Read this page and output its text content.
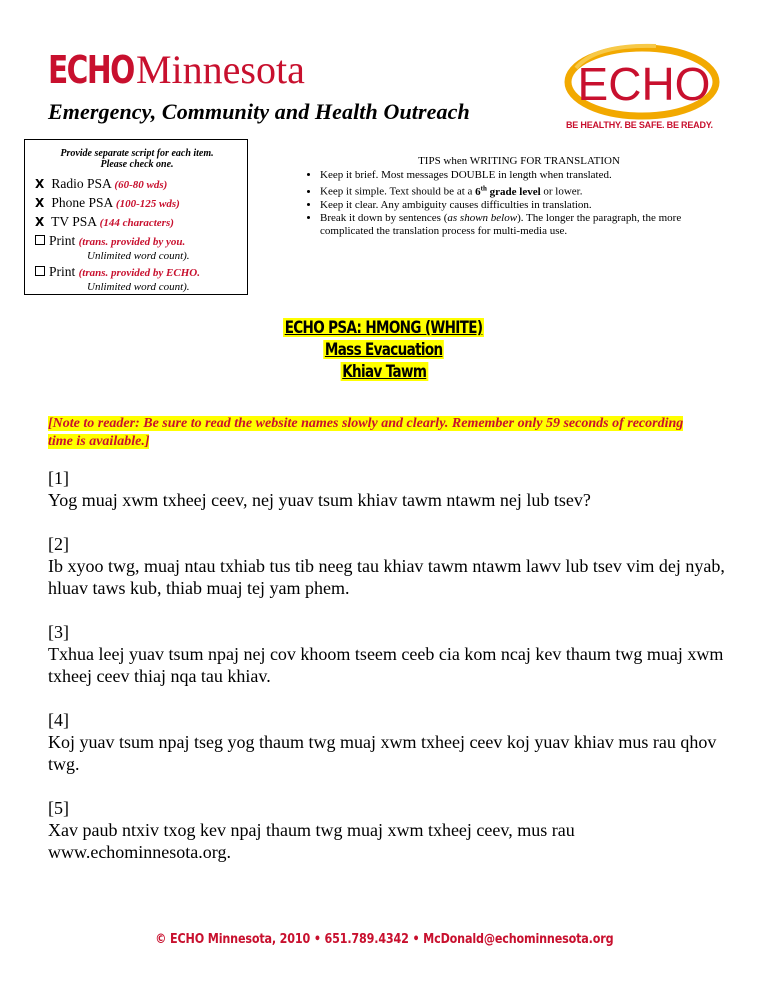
ECHOMinnesota
Emergency, Community and Health Outreach
ECHO
BE HEALTHY. BE SAFE. BE READY.
Provide separate script for each item.
Please check one.
X Radio PSA (60-80 wds)
X Phone PSA (100-125 wds)
X TV PSA (144 characters)
Print (trans. provided by you.
Unlimited word count).
Print (trans. provided by ECHO.
Unlimited word count).
TIPS when WRITING FOR TRANSLATION
• Keep it brief. Most messages DOUBLE in length when translated.
• Keep it simple. Text should be at a 6th grade level or lower.
• Keep it clear. Any ambiguity causes difficulties in translation.
• Break it down by sentences (as shown below). The longer the paragraph, the more complicated the translation process for multi-media use.
ECHO PSA: HMONG (WHITE)
Mass Evacuation
Khiav Tawm
[Note to reader: Be sure to read the website names slowly and clearly. Remember only 59 seconds of recording time is available.]
[1]
Yog muaj xwm txheej ceev, nej yuav tsum khiav tawm ntawm nej lub tsev?
[2]
Ib xyoo twg, muaj ntau txhiab tus tib neeg tau khiav tawm ntawm lawv lub tsev vim dej nyab, hluav taws kub, thiab muaj tej yam phem.
[3]
Txhua leej yuav tsum npaj nej cov khoom tseem ceeb cia kom ncaj kev thaum twg muaj xwm txheej ceev thiaj nqa tau khiav.
[4]
Koj yuav tsum npaj tseg yog thaum twg muaj xwm txheej ceev koj yuav khiav mus rau qhov twg.
[5]
Xav paub ntxiv txog kev npaj thaum twg muaj xwm txheej ceev, mus rau www.echominnesota.org.
© ECHO Minnesota, 2010 • 651.789.4342 • McDonald@echominnesota.org
